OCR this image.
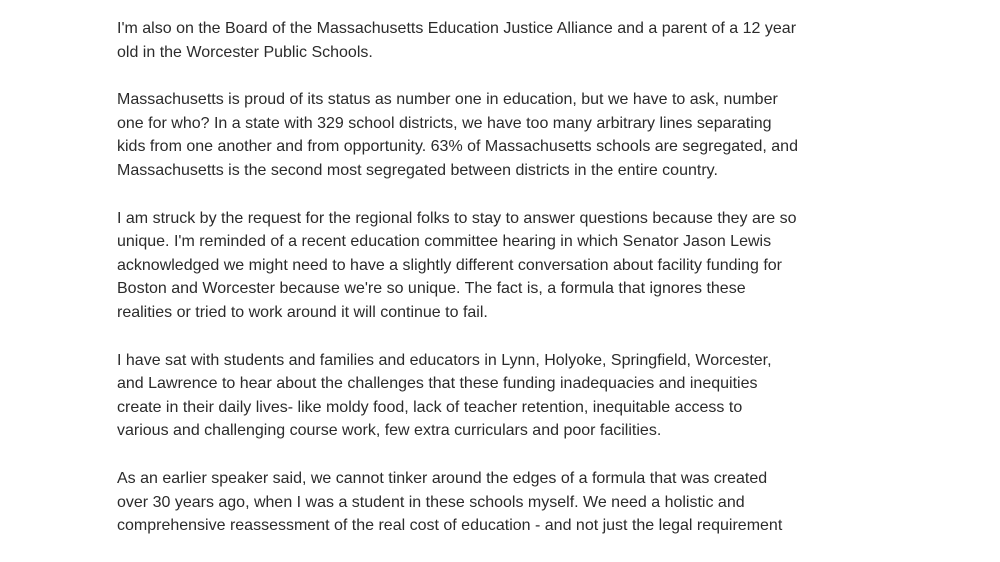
I'm also on the Board of the Massachusetts Education Justice Alliance and a parent of a 12 year
old in the Worcester Public Schools.
Massachusetts is proud of its status as number one in education, but we have to ask, number
one for who? In a state with 329 school districts, we have too many arbitrary lines separating
kids from one another and from opportunity. 63% of Massachusetts schools are segregated, and
Massachusetts is the second most segregated between districts in the entire country.
I am struck by the request for the regional folks to stay to answer questions because they are so
unique. I'm reminded of a recent education committee hearing in which Senator Jason Lewis
acknowledged we might need to have a slightly different conversation about facility funding for
Boston and Worcester because we're so unique. The fact is, a formula that ignores these
realities or tried to work around it will continue to fail.
I have sat with students and families and educators in Lynn, Holyoke, Springfield, Worcester,
and Lawrence to hear about the challenges that these funding inadequacies and inequities
create in their daily lives- like moldy food, lack of teacher retention, inequitable access to
various and challenging course work, few extra curriculars and poor facilities.
As an earlier speaker said, we cannot tinker around the edges of a formula that was created
over 30 years ago, when I was a student in these schools myself. We need a holistic and
comprehensive reassessment of the real cost of education - and not just the legal requirement
